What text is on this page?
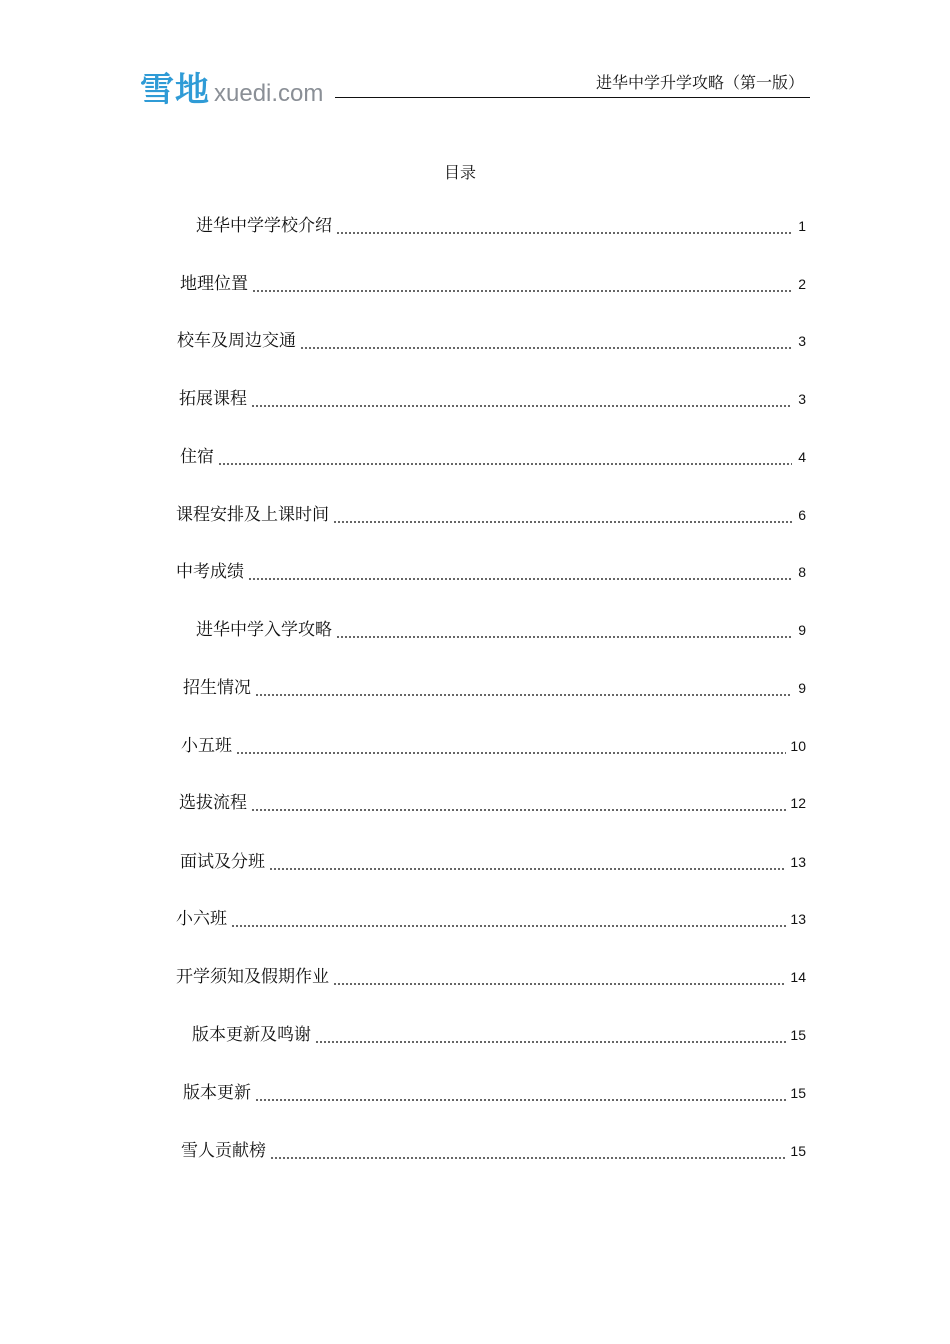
雪地 xuedi.com	进华中学升学攻略（第一版）
目录
进华中学学校介绍	1
地理位置	2
校车及周边交通	3
拓展课程	3
住宿	4
课程安排及上课时间	6
中考成绩	8
进华中学入学攻略	9
招生情况	9
小五班	10
选拔流程	12
面试及分班	13
小六班	13
开学须知及假期作业	14
版本更新及鸣谢	15
版本更新	15
雪人贡献榜	15
